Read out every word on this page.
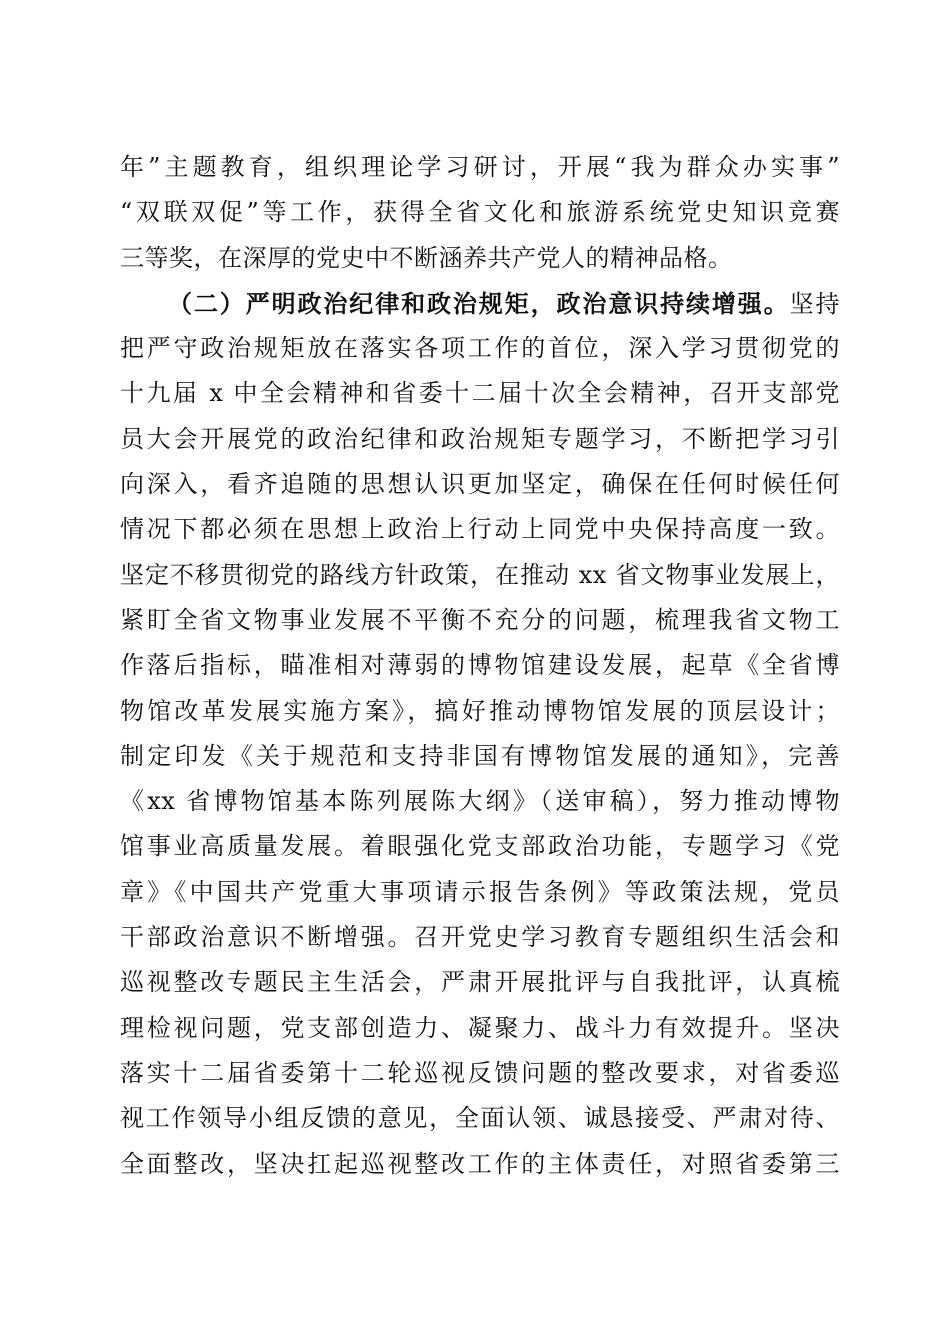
年”主题教育，组织理论学习研讨，开展“我为群众办实事”
“双联双促”等工作，获得全省文化和旅游系统党史知识竞赛
三等奖，在深厚的党史中不断涵养共产党人的精神品格。
（二）严明政治纪律和政治规矩，政治意识持续增强。坚持
把严守政治规矩放在落实各项工作的首位，深入学习贯彻党的
十九届 x 中全会精神和省委十二届十次全会精神，召开支部党
员大会开展党的政治纪律和政治规矩专题学习，不断把学习引
向深入，看齐追随的思想认识更加坚定，确保在任何时候任何
情况下都必须在思想上政治上行动上同党中央保持高度一致。
坚定不移贯彻党的路线方针政策，在推动 xx 省文物事业发展上，
紧盯全省文物事业发展不平衡不充分的问题，梳理我省文物工
作落后指标，瞄准相对薄弱的博物馆建设发展，起草《全省博
物馆改革发展实施方案》，搞好推动博物馆发展的顶层设计；
制定印发《关于规范和支持非国有博物馆发展的通知》，完善
《xx 省博物馆基本陈列展陈大纲》（送审稿），努力推动博物
馆事业高质量发展。着眼强化党支部政治功能，专题学习《党
章》《中国共产党重大事项请示报告条例》等政策法规，党员
干部政治意识不断增强。召开党史学习教育专题组织生活会和
巡视整改专题民主生活会，严肃开展批评与自我批评，认真梳
理检视问题，党支部创造力、凝聚力、战斗力有效提升。坚决
落实十二届省委第十二轮巡视反馈问题的整改要求，对省委巡
视工作领导小组反馈的意见，全面认领、诚恳接受、严肃对待、
全面整改，坚决扛起巡视整改工作的主体责任，对照省委第三
